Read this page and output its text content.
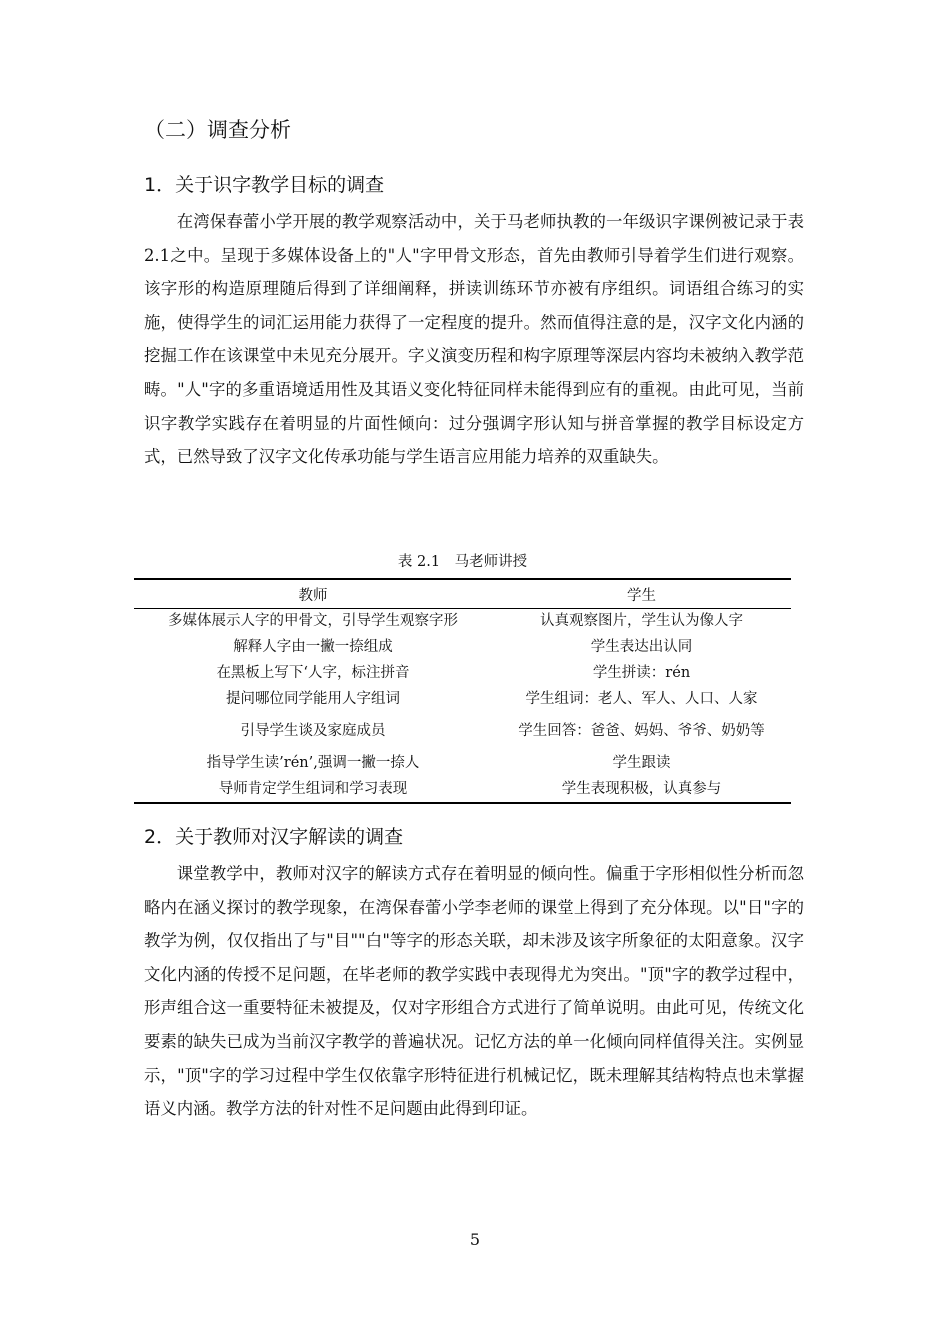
（二）调查分析
1．关于识字教学目标的调查

在湾保春蕾小学开展的教学观察活动中，关于马老师执教的一年级识字课例被记录于表2.1之中。呈现于多媒体设备上的"人"字甲骨文形态，首先由教师引导着学生们进行观察。该字形的构造原理随后得到了详细阐释，拼读训练环节亦被有序组织。词语组合练习的实施，使得学生的词汇运用能力获得了一定程度的提升。然而值得注意的是，汉字文化内涵的挖掘工作在该课堂中未见充分展开。字义演变历程和构字原理等深层内容均未被纳入教学范畴。"人"字的多重语境适用性及其语义变化特征同样未能得到应有的重视。由此可见，当前识字教学实践存在着明显的片面性倾向：过分强调字形认知与拼音掌握的教学目标设定方式，已然导致了汉字文化传承功能与学生语言应用能力培养的双重缺失。

表 2.1　马老师讲授
教师	学生
多媒体展示人字的甲骨文，引导学生观察字形	认真观察图片，学生认为像人字
解释人字由一撇一捺组成	学生表达出认同
在黑板上写下‘人字，标注拼音	学生拼读：rén
提问哪位同学能用人字组词	学生组词：老人、军人、人口、人家
引导学生谈及家庭成员	学生回答：爸爸、妈妈、爷爷、奶奶等
指导学生读’rén’,强调一撇一捺人	学生跟读
导师肯定学生组词和学习表现	学生表现积极，认真参与
2．关于教师对汉字解读的调查

课堂教学中，教师对汉字的解读方式存在着明显的倾向性。偏重于字形相似性分析而忽略内在涵义探讨的教学现象，在湾保春蕾小学李老师的课堂上得到了充分体现。以"日"字的教学为例，仅仅指出了与"目""白"等字的形态关联，却未涉及该字所象征的太阳意象。汉字文化内涵的传授不足问题，在毕老师的教学实践中表现得尤为突出。"顶"字的教学过程中，形声组合这一重要特征未被提及，仅对字形组合方式进行了简单说明。由此可见，传统文化要素的缺失已成为当前汉字教学的普遍状况。记忆方法的单一化倾向同样值得关注。实例显示，"顶"字的学习过程中学生仅依靠字形特征进行机械记忆，既未理解其结构特点也未掌握语义内涵。教学方法的针对性不足问题由此得到印证。

5
